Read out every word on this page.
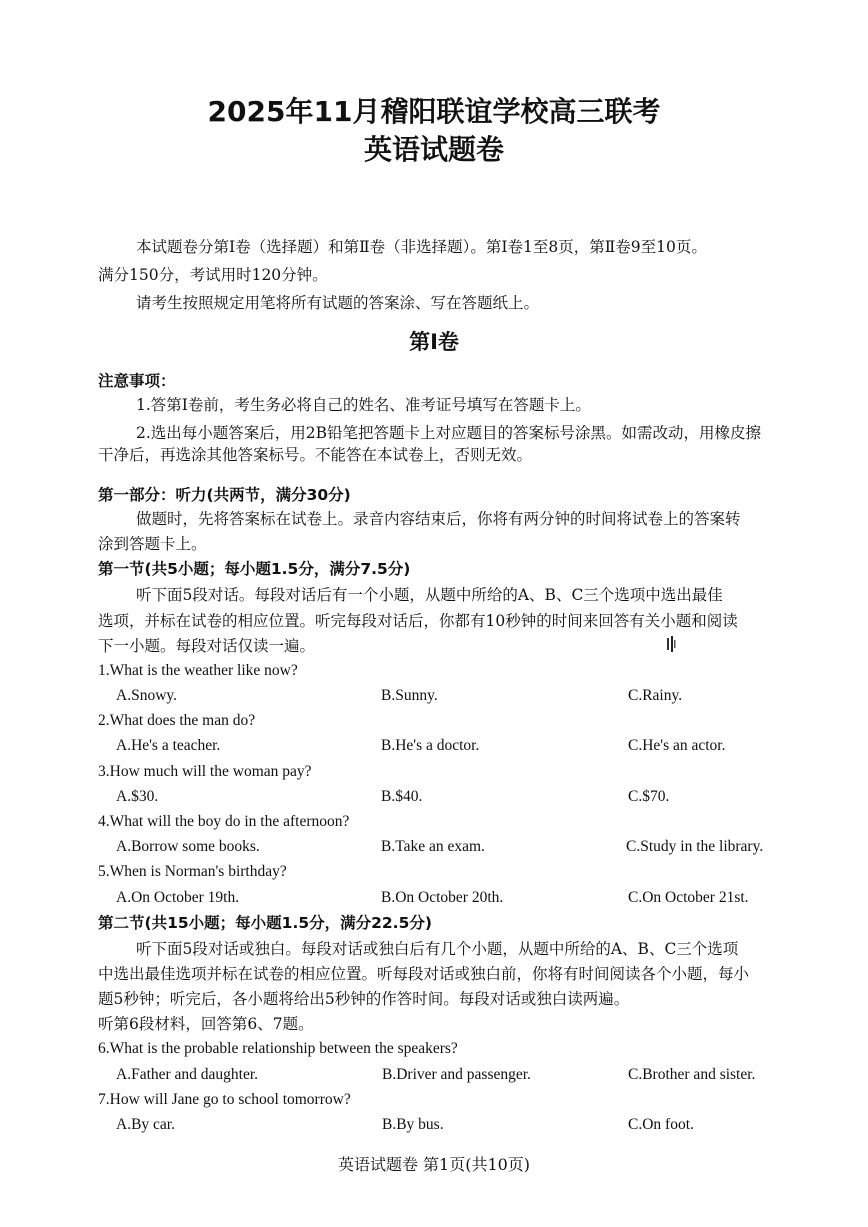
2025年11月稽阳联谊学校高三联考
英语试题卷
本试题卷分第Ⅰ卷（选择题）和第Ⅱ卷（非选择题）。第Ⅰ卷1至8页，第Ⅱ卷9至10页。
满分150分，考试用时120分钟。
请考生按照规定用笔将所有试题的答案涂、写在答题纸上。
第Ⅰ卷
注意事项：
1.答第Ⅰ卷前，考生务必将自己的姓名、准考证号填写在答题卡上。
2.选出每小题答案后，用2B铅笔把答题卡上对应题目的答案标号涂黑。如需改动，用橡皮擦
干净后，再选涂其他答案标号。不能答在本试卷上，否则无效。
第一部分：听力(共两节，满分30分)
做题时，先将答案标在试卷上。录音内容结束后，你将有两分钟的时间将试卷上的答案转
涂到答题卡上。
第一节(共5小题；每小题1.5分，满分7.5分)
听下面5段对话。每段对话后有一个小题，从题中所给的A、B、C三个选项中选出最佳
选项，并标在试卷的相应位置。听完每段对话后，你都有10秒钟的时间来回答有关小题和阅读
下一小题。每段对话仅读一遍。
1.What is the weather like now?
A.Snowy.	B.Sunny.	C.Rainy.
2.What does the man do?
A.He's a teacher.	B.He's a doctor.	C.He's an actor.
3.How much will the woman pay?
A.$30.	B.$40.	C.$70.
4.What will the boy do in the afternoon?
A.Borrow some books.	B.Take an exam.	C.Study in the library.
5.When is Norman's birthday?
A.On October 19th.	B.On October 20th.	C.On October 21st.
第二节(共15小题；每小题1.5分，满分22.5分)
听下面5段对话或独白。每段对话或独白后有几个小题，从题中所给的A、B、C三个选项
中选出最佳选项并标在试卷的相应位置。听每段对话或独白前，你将有时间阅读各个小题，每小
题5秒钟；听完后，各小题将给出5秒钟的作答时间。每段对话或独白读两遍。
听第6段材料，回答第6、7题。
6.What is the probable relationship between the speakers?
A.Father and daughter.	B.Driver and passenger.	C.Brother and sister.
7.How will Jane go to school tomorrow?
A.By car.	B.By bus.	C.On foot.
英语试题卷 第1页(共10页)
